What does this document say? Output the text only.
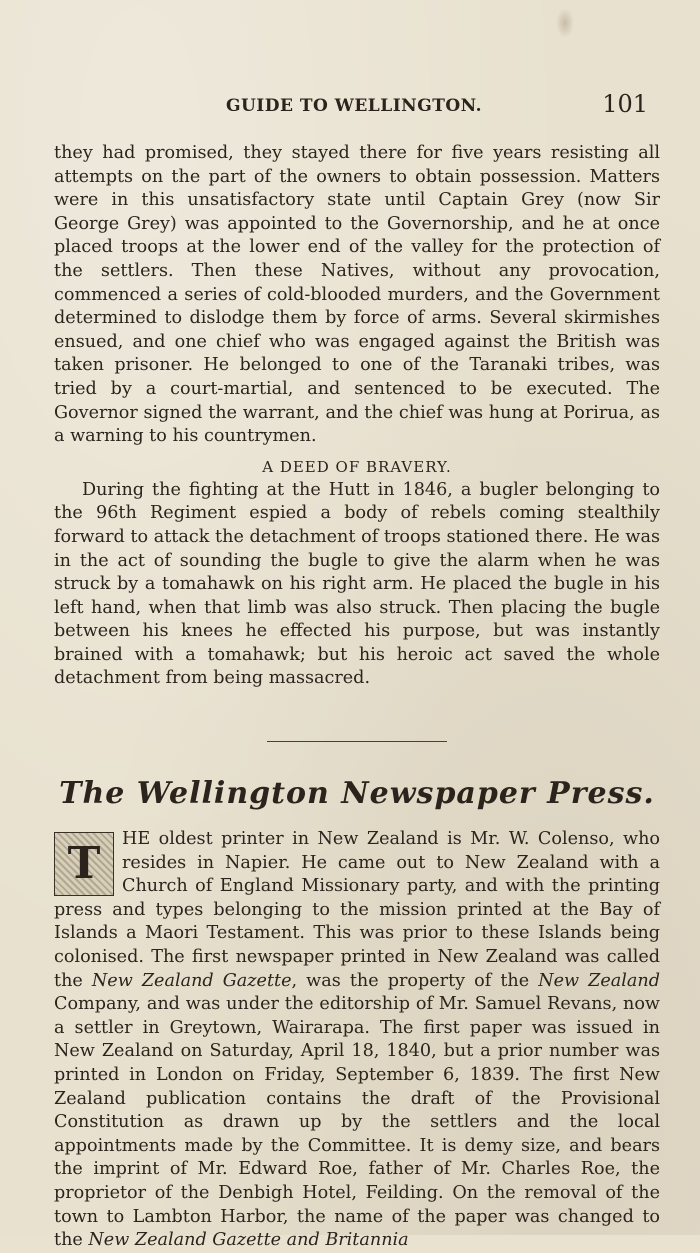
GUIDE TO WELLINGTON.	101

they had promised, they stayed there for five years resisting all attempts on the part of the owners to obtain possession. Matters were in this unsatisfactory state until Captain Grey (now Sir George Grey) was appointed to the Governorship, and he at once placed troops at the lower end of the valley for the protection of the settlers. Then these Natives, without any provocation, commenced a series of cold-blooded murders, and the Government determined to dislodge them by force of arms. Several skirmishes ensued, and one chief who was engaged against the British was taken prisoner. He belonged to one of the Taranaki tribes, was tried by a court-martial, and sentenced to be executed. The Governor signed the warrant, and the chief was hung at Porirua, as a warning to his countrymen.

A DEED OF BRAVERY.

During the fighting at the Hutt in 1846, a bugler belonging to the 96th Regiment espied a body of rebels coming stealthily forward to attack the detachment of troops stationed there. He was in the act of sounding the bugle to give the alarm when he was struck by a tomahawk on his right arm. He placed the bugle in his left hand, when that limb was also struck. Then placing the bugle between his knees he effected his purpose, but was instantly brained with a tomahawk; but his heroic act saved the whole detachment from being massacred.

The Wellington Newspaper Press.

T	HE oldest printer in New Zealand is Mr. W. Colenso, who resides in Napier. He came out to New Zealand with a Church of England Missionary party, and with the printing press and types belonging to the mission printed at the Bay of Islands a Maori Testament. This was prior to these Islands being colonised. The first newspaper printed in New Zealand was called the New Zealand Gazette, was the property of the New Zealand Company, and was under the editorship of Mr. Samuel Revans, now a settler in Greytown, Wairarapa. The first paper was issued in New Zealand on Saturday, April 18, 1840, but a prior number was printed in London on Friday, September 6, 1839. The first New Zealand publication contains the draft of the Provisional Constitution as drawn up by the settlers and the local appointments made by the Committee. It is demy size, and bears the imprint of Mr. Edward Roe, father of Mr. Charles Roe, the proprietor of the Denbigh Hotel, Feilding. On the removal of the town to Lambton Harbor, the name of the paper was changed to the New Zealand Gazette and Britannia
